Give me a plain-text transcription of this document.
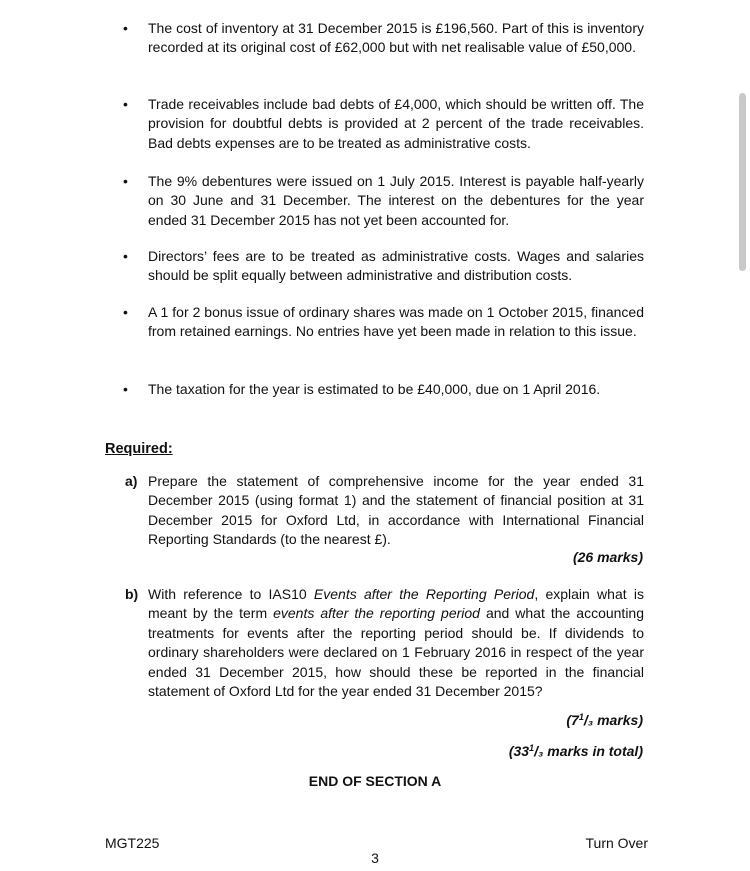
• The cost of inventory at 31 December 2015 is £196,560. Part of this is inventory recorded at its original cost of £62,000 but with net realisable value of £50,000.
• Trade receivables include bad debts of £4,000, which should be written off. The provision for doubtful debts is provided at 2 percent of the trade receivables. Bad debts expenses are to be treated as administrative costs.
• The 9% debentures were issued on 1 July 2015. Interest is payable half-yearly on 30 June and 31 December. The interest on the debentures for the year ended 31 December 2015 has not yet been accounted for.
• Directors’ fees are to be treated as administrative costs. Wages and salaries should be split equally between administrative and distribution costs.
• A 1 for 2 bonus issue of ordinary shares was made on 1 October 2015, financed from retained earnings. No entries have yet been made in relation to this issue.
• The taxation for the year is estimated to be £40,000, due on 1 April 2016.
Required:
a) Prepare the statement of comprehensive income for the year ended 31 December 2015 (using format 1) and the statement of financial position at 31 December 2015 for Oxford Ltd, in accordance with International Financial Reporting Standards (to the nearest £).
(26 marks)
b) With reference to IAS10 Events after the Reporting Period, explain what is meant by the term events after the reporting period and what the accounting treatments for events after the reporting period should be. If dividends to ordinary shareholders were declared on 1 February 2016 in respect of the year ended 31 December 2015, how should these be reported in the financial statement of Oxford Ltd for the year ended 31 December 2015?
($7^1/_3$ marks)
($33^1/_3$ marks in total)
END OF SECTION A
MGT225	Turn Over
3
